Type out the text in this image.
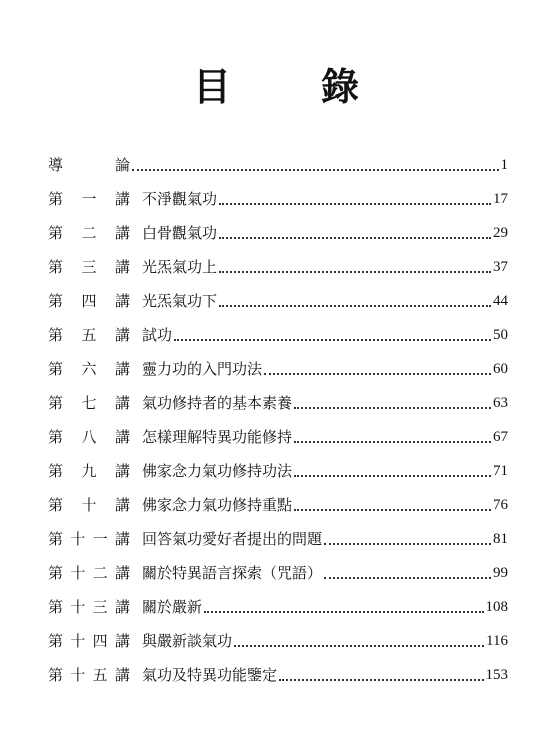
目　錄
導	論	1
第 一 講 不淨觀氣功	17
第 二 講 白骨觀氣功	29
第 三 講 光炁氣功上	37
第 四 講 光炁氣功下	44
第 五 講 試功	50
第 六 講 靈力功的入門功法	60
第 七 講 氣功修持者的基本素養	63
第 八 講 怎樣理解特異功能修持	67
第 九 講 佛家念力氣功修持功法	71
第 十 講 佛家念力氣功修持重點	76
第 十 一 講 回答氣功愛好者提出的問題	81
第 十 二 講 關於特異語言探索（咒語）	99
第 十 三 講 關於嚴新	108
第 十 四 講 與嚴新談氣功	116
第 十 五 講 氣功及特異功能鑒定	153
